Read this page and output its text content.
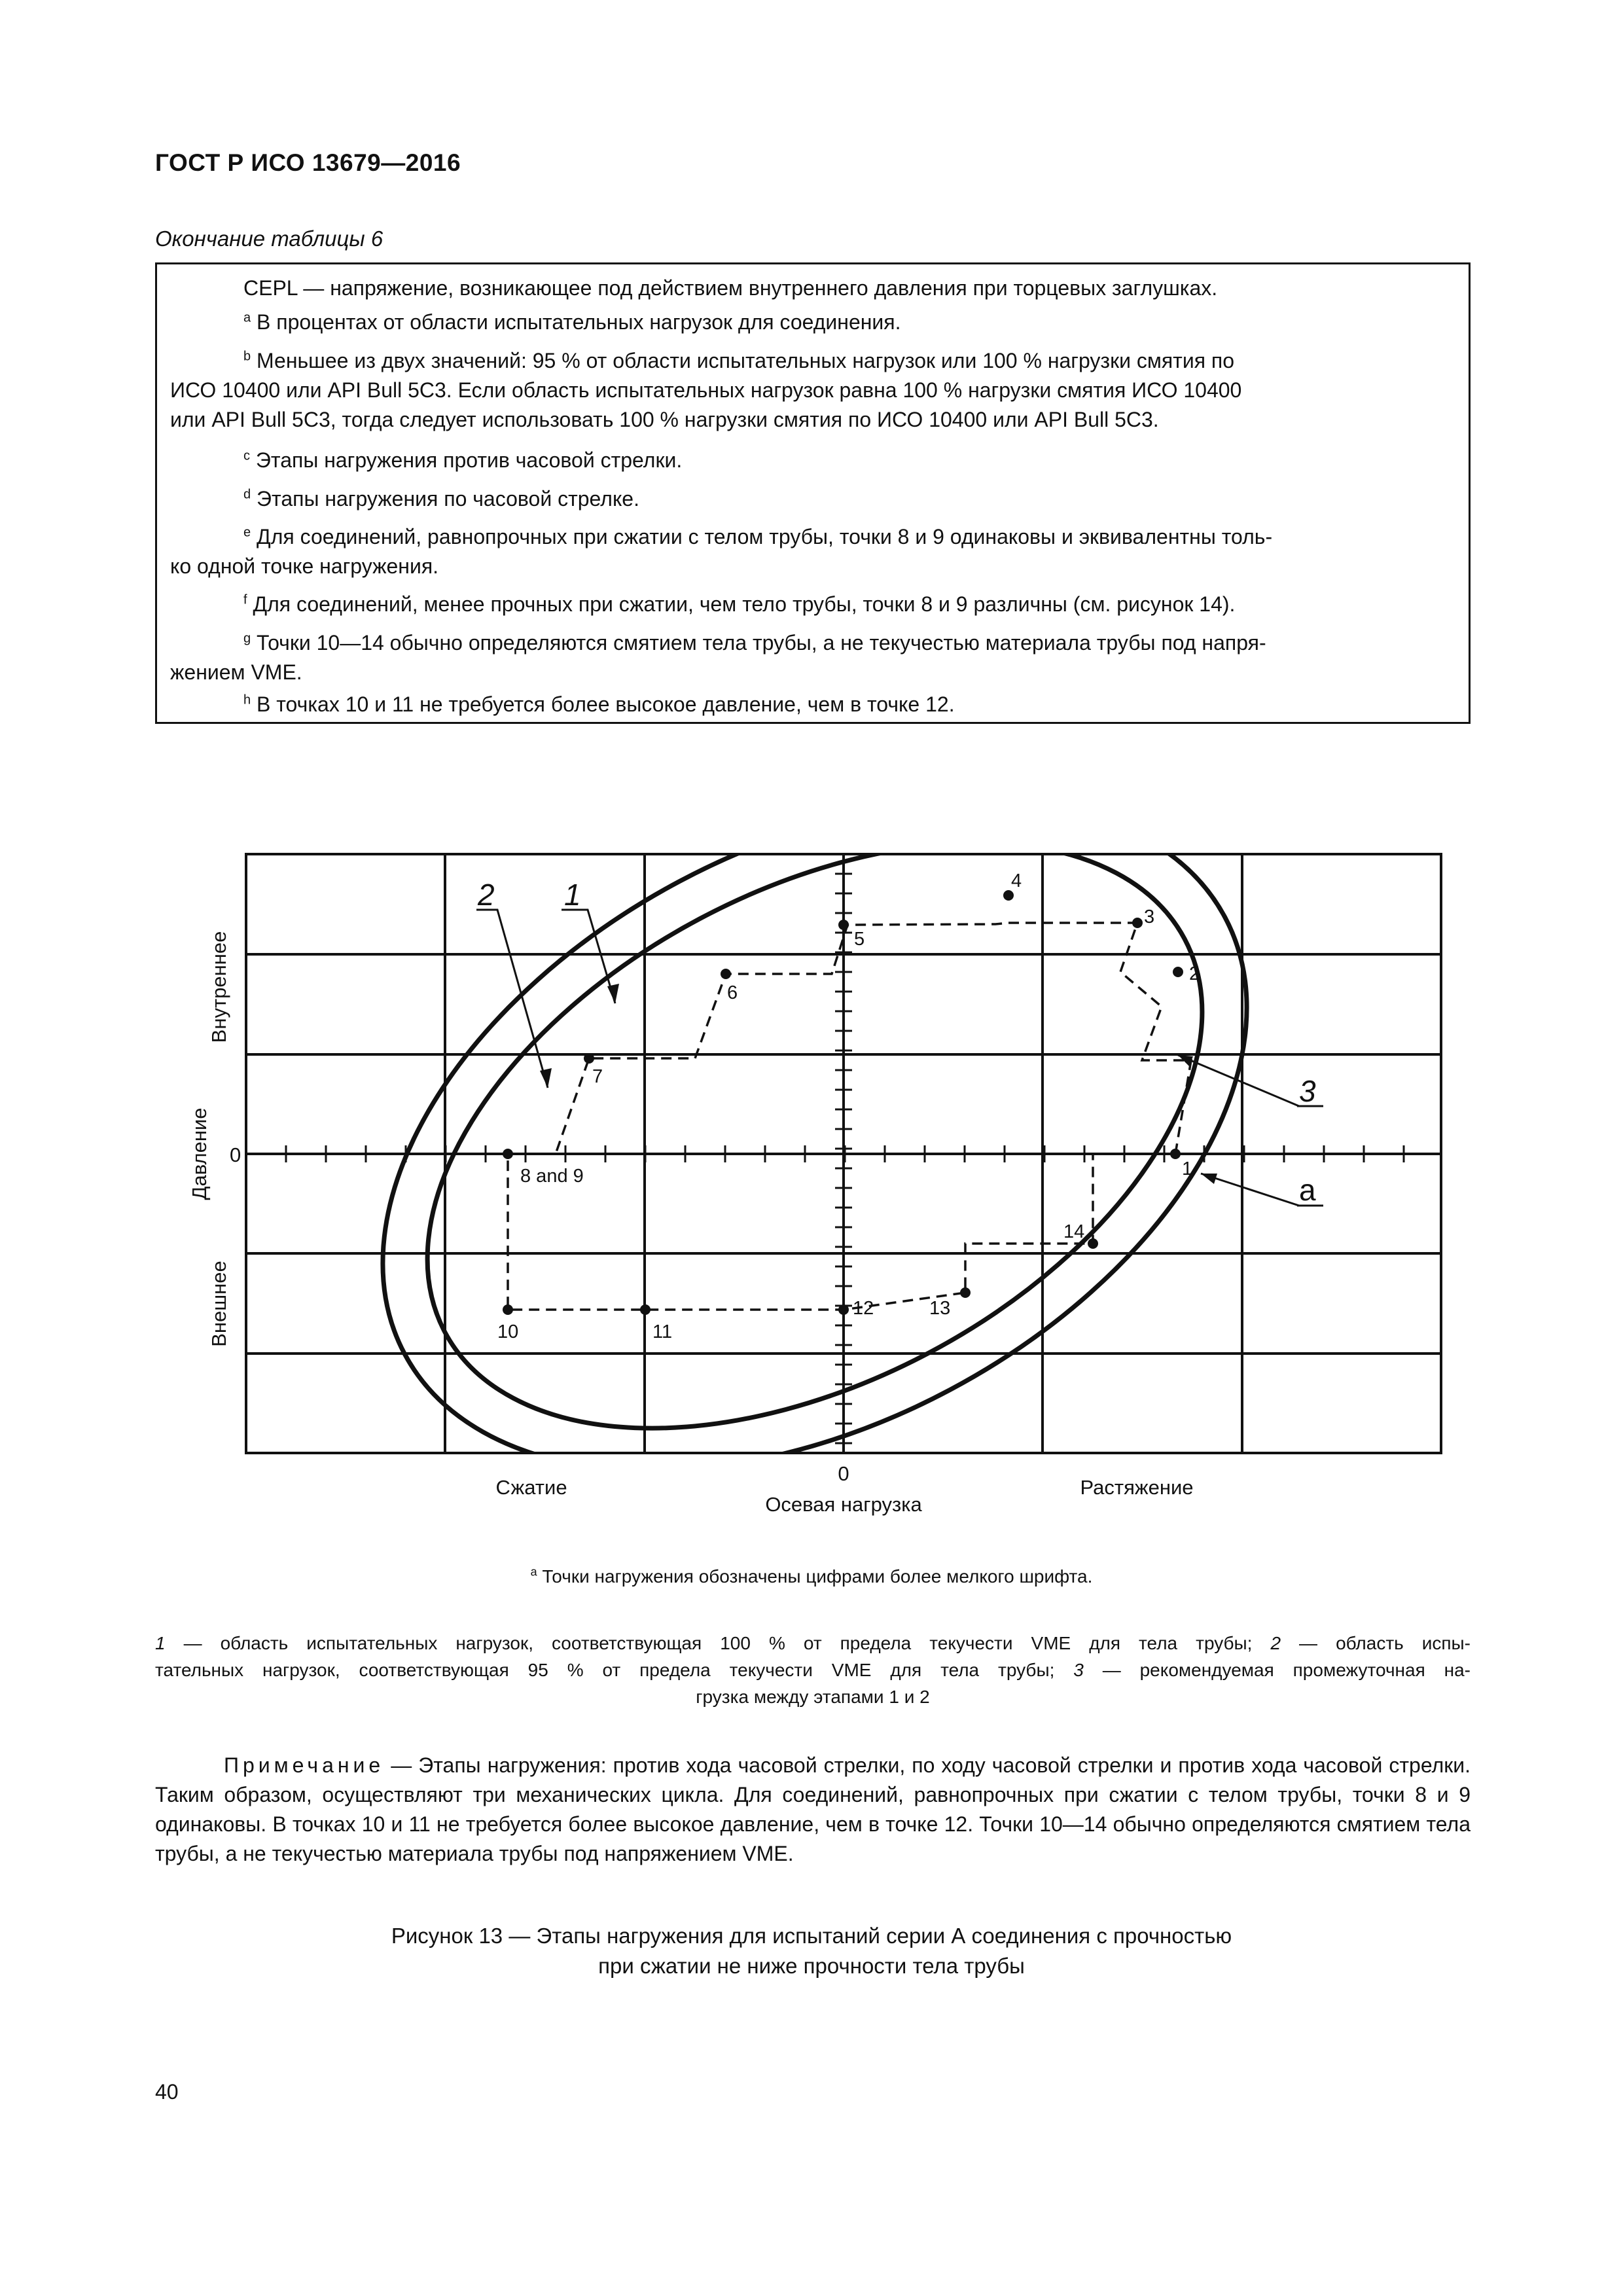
ГОСТ Р ИСО 13679—2016
Окончание таблицы 6
CEPL — напряжение, возникающее под действием внутреннего давления при торцевых заглушках.
$^a$ В процентах от области испытательных нагрузок для соединения.
$^b$ Меньшее из двух значений: 95 % от области испытательных нагрузок или 100 % нагрузки смятия по
ИСО 10400 или API Bull 5C3. Если область испытательных нагрузок равна 100 % нагрузки смятия ИСО 10400
или API Bull 5C3, тогда следует использовать 100 % нагрузки смятия по ИСО 10400 или API Bull 5C3.
$^c$ Этапы нагружения против часовой стрелки.
$^d$ Этапы нагружения по часовой стрелке.
$^e$ Для соединений, равнопрочных при сжатии с телом трубы, точки 8 и 9 одинаковы и эквивалентны толь-
ко одной точке нагружения.
$^f$ Для соединений, менее прочных при сжатии, чем тело трубы, точки 8 и 9 различны (см. рисунок 14).
$^g$ Точки 10—14 обычно определяются смятием тела трубы, а не текучестью материала трубы под напря-
жением VME.
$^h$ В точках 10 и 11 не требуется более высокое давление, чем в точке 12.
2 1
3
a
1
2
3
4
5
6
7
8 and 9
10	11
12	13
14
0
0
Сжатие	Растяжение
Осевая нагрузка
Внутреннее
Давление
Внешнее
$^a$ Точки нагружения обозначены цифрами более мелкого шрифта.
1 — область испытательных нагрузок, соответствующая 100 % от предела текучести VME для тела трубы; 2 — область испы-
тательных нагрузок, соответствующая 95 % от предела текучести VME для тела трубы; 3 — рекомендуемая промежуточная на-
грузка между этапами 1 и 2
Примечание — Этапы нагружения: против хода часовой стрелки, по ходу часовой стрелки и против хода часовой стрелки. Таким образом, осуществляют три механических цикла. Для соединений, равнопрочных при сжатии с телом трубы, точки 8 и 9 одинаковы. В точках 10 и 11 не требуется более высокое давление, чем в точке 12. Точки 10—14 обычно определяются смятием тела трубы, а не текучестью материала трубы под напряжением VME.
Рисунок 13 — Этапы нагружения для испытаний серии А соединения с прочностью
при сжатии не ниже прочности тела трубы
40
